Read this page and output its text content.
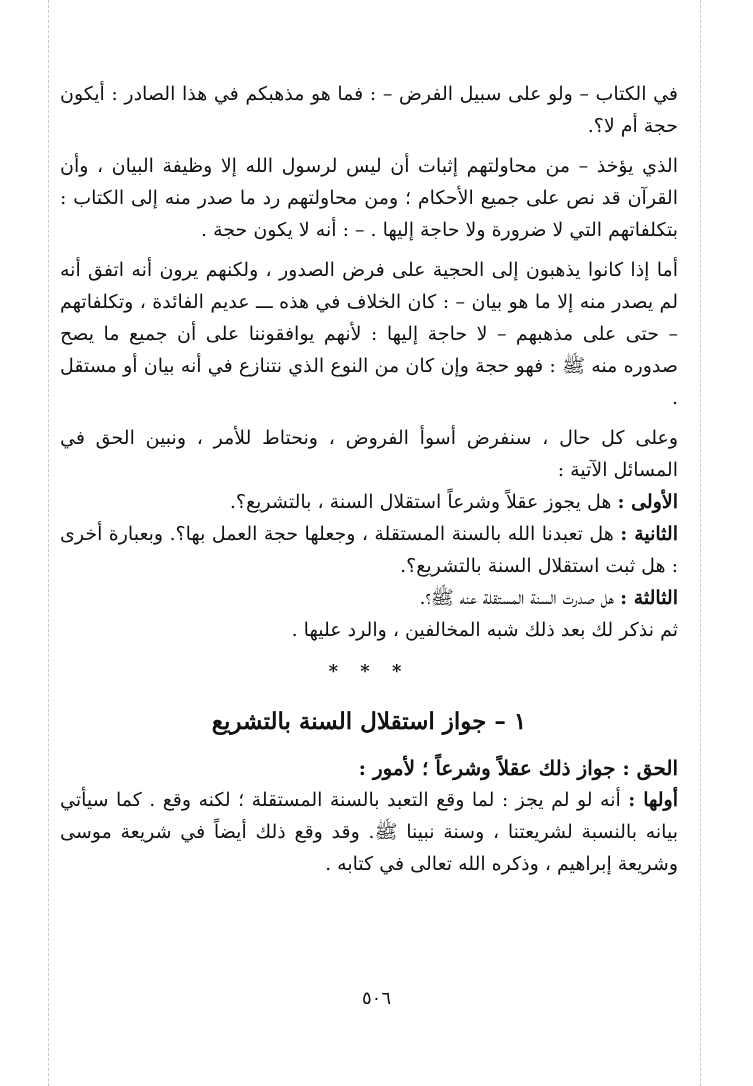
في الكتاب – ولو على سبيل الفرض – : فما هو مذهبكم في هذا الصادر : أيكون حجة أم لا؟.

الذي يؤخذ – من محاولتهم إثبات أن ليس لرسول الله إلا وظيفة البيان ، وأن القرآن قد نص على جميع الأحكام ؛ ومن محاولتهم رد ما صدر منه إلى الكتاب : بتكلفاتهم التي لا ضرورة ولا حاجة إليها . – : أنه لا يكون حجة .

أما إذا كانوا يذهبون إلى الحجية على فرض الصدور ، ولكنهم يرون أنه اتفق أنه لم يصدر منه إلا ما هو بيان – : كان الخلاف في هذه ـــ عديم الفائدة ، وتكلفاتهم – حتى على مذهبهم – لا حاجة إليها : لأنهم يوافقوننا على أن جميع ما يصح صدوره منه ﷺ : فهو حجة وإن كان من النوع الذي نتنازع في أنه بيان أو مستقل .

وعلى كل حال ، سنفرض أسوأ الفروض ، ونحتاط للأمر ، ونبين الحق في المسائل الآتية :

الأولى : هل يجوز عقلاً وشرعاً استقلال السنة ، بالتشريع؟.

الثانية : هل تعبدنا الله بالسنة المستقلة ، وجعلها حجة العمل بها؟. وبعبارة أخرى : هل ثبت استقلال السنة بالتشريع؟.

الثالثة : هل صدرت السنة المستقلة عنه ﷺ؟.

ثم نذكر لك بعد ذلك شبه المخالفين ، والرد عليها .

* * *
١ – جواز استقلال السنة بالتشريع

الحق : جواز ذلك عقلاً وشرعاً ؛ لأمور :

أولها : أنه لو لم يجز : لما وقع التعبد بالسنة المستقلة ؛ لكنه وقع . كما سيأتي بيانه بالنسبة لشريعتنا ، وسنة نبينا ﷺ. وقد وقع ذلك أيضاً في شريعة موسى وشريعة إبراهيم ، وذكره الله تعالى في كتابه .

٥٠٦
